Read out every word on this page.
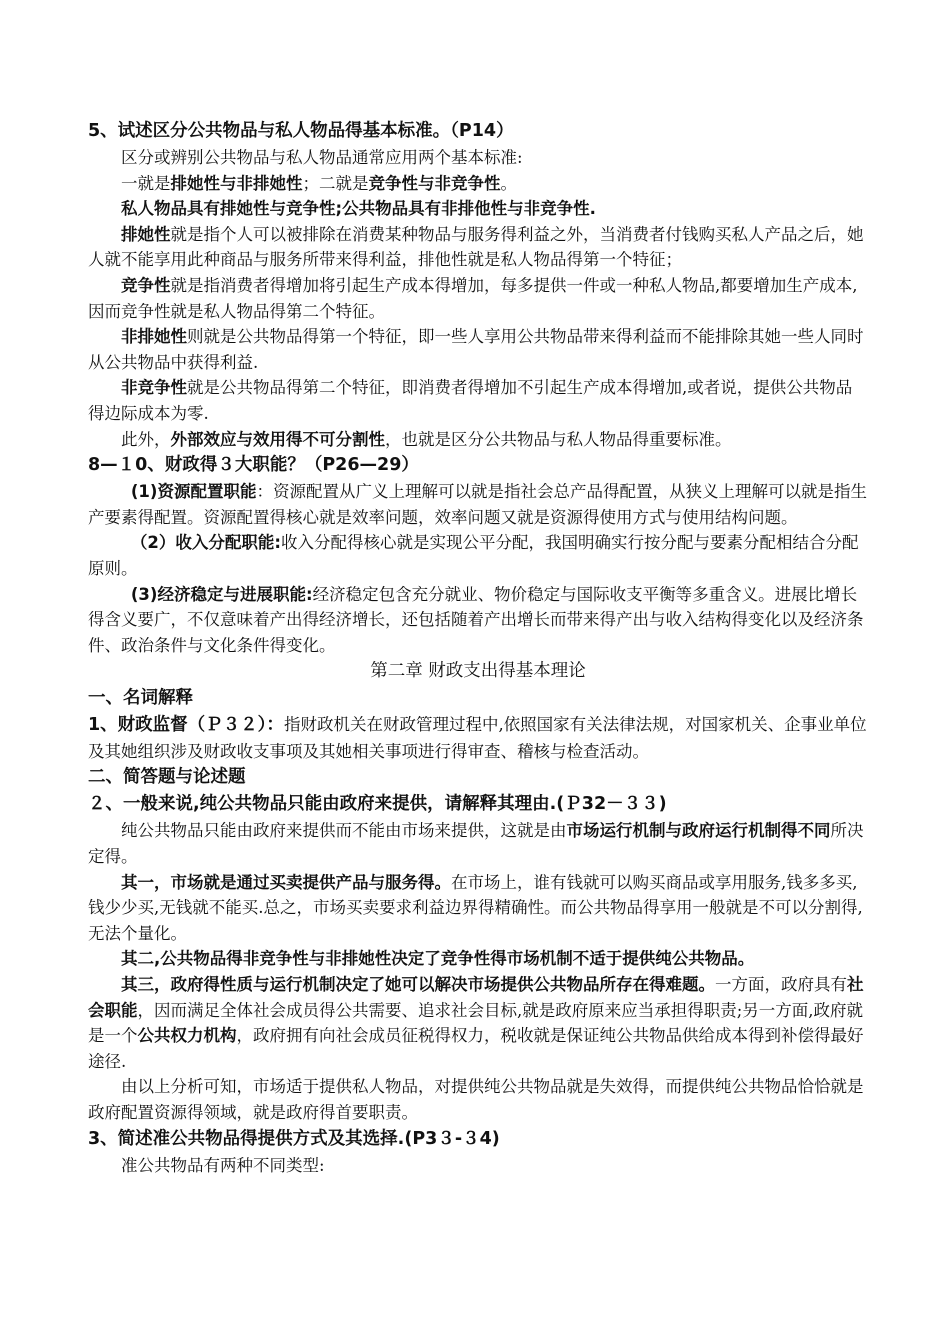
5、试述区分公共物品与私人物品得基本标准。（P14）

区分或辨别公共物品与私人物品通常应用两个基本标准:

一就是排她性与非排她性；二就是竞争性与非竞争性。

私人物品具有排她性与竞争性;公共物品具有非排他性与非竞争性.

排她性就是指个人可以被排除在消费某种物品与服务得利益之外，当消费者付钱购买私人产品之后，她人就不能享用此种商品与服务所带来得利益，排他性就是私人物品得第一个特征；

竞争性就是指消费者得增加将引起生产成本得增加，每多提供一件或一种私人物品,都要增加生产成本,因而竞争性就是私人物品得第二个特征。

非排她性则就是公共物品得第一个特征，即一些人享用公共物品带来得利益而不能排除其她一些人同时从公共物品中获得利益.

非竞争性就是公共物品得第二个特征，即消费者得增加不引起生产成本得增加,或者说，提供公共物品得边际成本为零.

此外，外部效应与效用得不可分割性，也就是区分公共物品与私人物品得重要标准。

8—１0、财政得３大职能？（P26—29）

(1)资源配置职能：资源配置从广义上理解可以就是指社会总产品得配置，从狭义上理解可以就是指生产要素得配置。资源配置得核心就是效率问题，效率问题又就是资源得使用方式与使用结构问题。

（2）收入分配职能:收入分配得核心就是实现公平分配，我国明确实行按分配与要素分配相结合分配原则。

(3)经济稳定与进展职能:经济稳定包含充分就业、物价稳定与国际收支平衡等多重含义。进展比增长得含义要广，不仅意味着产出得经济增长，还包括随着产出增长而带来得产出与收入结构得变化以及经济条件、政治条件与文化条件得变化。

第二章 财政支出得基本理论

一、名词解释

1、财政监督（Ｐ３２）：指财政机关在财政管理过程中,依照国家有关法律法规，对国家机关、企事业单位及其她组织涉及财政收支事项及其她相关事项进行得审查、稽核与检查活动。

二、简答题与论述题

２、一般来说,纯公共物品只能由政府来提供，请解释其理由.(Ｐ32－３３)

纯公共物品只能由政府来提供而不能由市场来提供，这就是由市场运行机制与政府运行机制得不同所决定得。

其一，市场就是通过买卖提供产品与服务得。在市场上，谁有钱就可以购买商品或享用服务,钱多多买,钱少少买,无钱就不能买.总之，市场买卖要求利益边界得精确性。而公共物品得享用一般就是不可以分割得,无法个量化。

其二,公共物品得非竞争性与非排她性决定了竞争性得市场机制不适于提供纯公共物品。

其三，政府得性质与运行机制决定了她可以解决市场提供公共物品所存在得难题。一方面，政府具有社会职能，因而满足全体社会成员得公共需要、追求社会目标,就是政府原来应当承担得职责;另一方面,政府就是一个公共权力机构，政府拥有向社会成员征税得权力，税收就是保证纯公共物品供给成本得到补偿得最好途径.

由以上分析可知，市场适于提供私人物品，对提供纯公共物品就是失效得，而提供纯公共物品恰恰就是政府配置资源得领域，就是政府得首要职责。

3、简述准公共物品得提供方式及其选择.(P3３-３4)

准公共物品有两种不同类型:
